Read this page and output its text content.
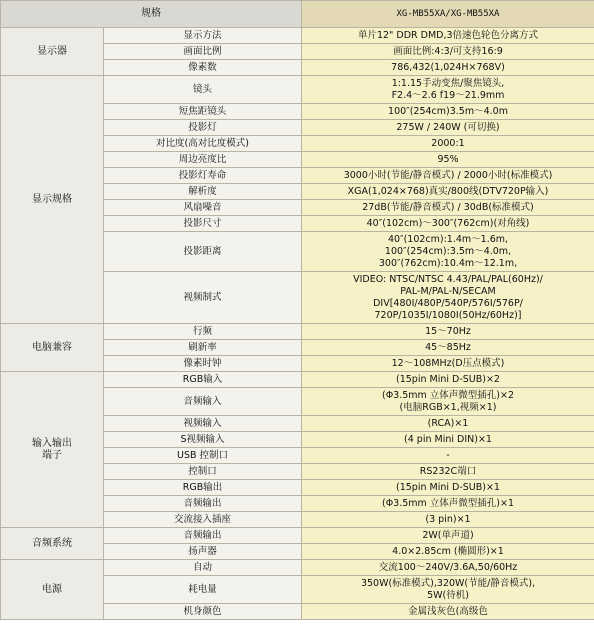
规格		XG-MB55XA/XG-MB55XA
显示器	显示方法	单片12" DDR DMD,3倍速色轮色分离方式
	画面比例	画面比例:4:3/可支持16:9
	像素数	786,432(1,024H×768V)
显示规格	镜头	1:1.15手动变焦/聚焦镜头,
F2.4～2.6 f19～21.9mm
	短焦距镜头	100″(254cm)3.5m～4.0m
	投影灯	275W / 240W (可切换)
	对比度(高对比度模式)	2000:1
	周边亮度比	95%
	投影灯寿命	3000小时(节能/静音模式) / 2000小时(标准模式)
	解析度	XGA(1,024×768)真实/800线(DTV720P输入)
	风扇噪音	27dB(节能/静音模式) / 30dB(标准模式)
	投影尺寸	40″(102cm)～300″(762cm)(对角线)
	投影距离	40″(102cm):1.4m～1.6m,
100″(254cm):3.5m～4.0m,
300″(762cm):10.4m～12.1m,
	视频制式	VIDEO: NTSC/NTSC 4.43/PAL/PAL(60Hz)/
PAL-M/PAL-N/SECAM
DIV[480I/480P/540P/576I/576P/
720P/1035I/1080I(50Hz/60Hz)]
电脑兼容	行频	15～70Hz
	刷新率	45～85Hz
	像素时钟	12～108MHz(D压点模式)
输入输出
端子	RGB输入	(15pin Mini D-SUB)×2
	音频输入	(Φ3.5mm 立体声微型插孔)×2
(电脑RGB×1,视频×1)
	视频输入	(RCA)×1
	S视频输入	(4 pin Mini DIN)×1
	USB 控制口	-
	控制口	RS232C端口
	RGB输出	(15pin Mini D-SUB)×1
	音频输出	(Φ3.5mm 立体声微型插孔)×1
	交流接入插座	(3 pin)×1
音频系统	音频输出	2W(单声道)
	扬声器	4.0×2.85cm (椭圆形)×1
电源	自动	交流100～240V/3.6A,50/60Hz
	耗电量	350W(标准模式),320W(节能/静音模式),
5W(待机)
	机身颜色	金属浅灰色(高级色
